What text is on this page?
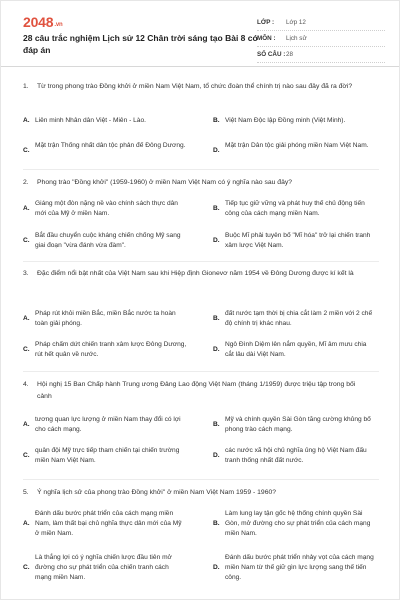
2048.vn
28 câu trắc nghiệm Lịch sử 12 Chân trời sáng tạo Bài 8 có đáp án
LỚP : Lớp 12
MÔN : Lịch sử
SỐ CÂU : 28
1. Từ trong phong trào Đồng khởi ở miền Nam Việt Nam, tổ chức đoàn thể chính trị nào sau đây đã ra đời?
A. Liên minh Nhân dân Việt - Miên - Lào.	B. Việt Nam Độc lập Đồng minh (Việt Minh).
C.
Mặt trận Thống nhất dân tộc phản đế Đông Dương.
D.
Mặt trận Dân tộc giải phóng miền Nam Việt Nam.
2. Phong trào "Đồng khởi" (1959-1960) ở miền Nam Việt Nam có ý nghĩa nào sau đây?
A.
Giáng một đòn nặng nề vào chính sách thực dân mới của Mỹ ở miền Nam.
B.
Tiếp tục giữ vững và phát huy thế chủ động tiến công của cách mạng miền Nam.
C.
Bắt đầu chuyển cuộc kháng chiến chống Mỹ sang giai đoạn "vừa đánh vừa đàm".
D.
Buộc Mĩ phải tuyên bố "Mĩ hóa" trở lại chiến tranh xâm lược Việt Nam.
3. Đặc điểm nổi bật nhất của Việt Nam sau khi Hiệp định Gionevơ năm 1954 về Đông Dương được kí kết là
A.
Pháp rút khỏi miền Bắc, miền Bắc nước ta hoàn toàn giải phóng.
B.
đất nước tạm thời bị chia cắt làm 2 miền với 2 chế độ chính trị khác nhau.
C.
Pháp chấm dứt chiến tranh xâm lược Đông Dương, rút hết quân về nước.
D.
Ngô Đình Diệm lên nắm quyền, Mĩ âm mưu chia cắt lâu dài Việt Nam.
4. Hội nghị 15 Ban Chấp hành Trung ương Đảng Lao động Việt Nam (tháng 1/1959) được triệu tập trong bối cảnh
A.
tương quan lực lượng ở miền Nam thay đổi có lợi cho cách mạng.
B.
Mỹ và chính quyền Sài Gòn tăng cường khủng bố phong trào cách mạng.
C.
quân đội Mỹ trực tiếp tham chiến tại chiến trường miền Nam Việt Nam.
D.
các nước xã hội chủ nghĩa ủng hộ Việt Nam đấu tranh thống nhất đất nước.
5. Ý nghĩa lịch sử của phong trào Đồng khởi" ở miền Nam Việt Nam 1959 - 1960?
A.
Đánh dấu bước phát triển của cách mạng miền Nam, làm thất bại chủ nghĩa thực dân mới của Mỹ ở miền Nam.
B.
Làm lung lay tận gốc hệ thống chính quyền Sài Gòn, mở đường cho sự phát triển của cách mạng miền Nam.
C.
Là thắng lợi có ý nghĩa chiến lược đầu tiên mở đường cho sự phát triển của chiến tranh cách mạng miền Nam.
D.
Đánh dấu bước phát triển nhảy vọt của cách mạng miền Nam từ thế giữ gìn lực lượng sang thế tiến công.
